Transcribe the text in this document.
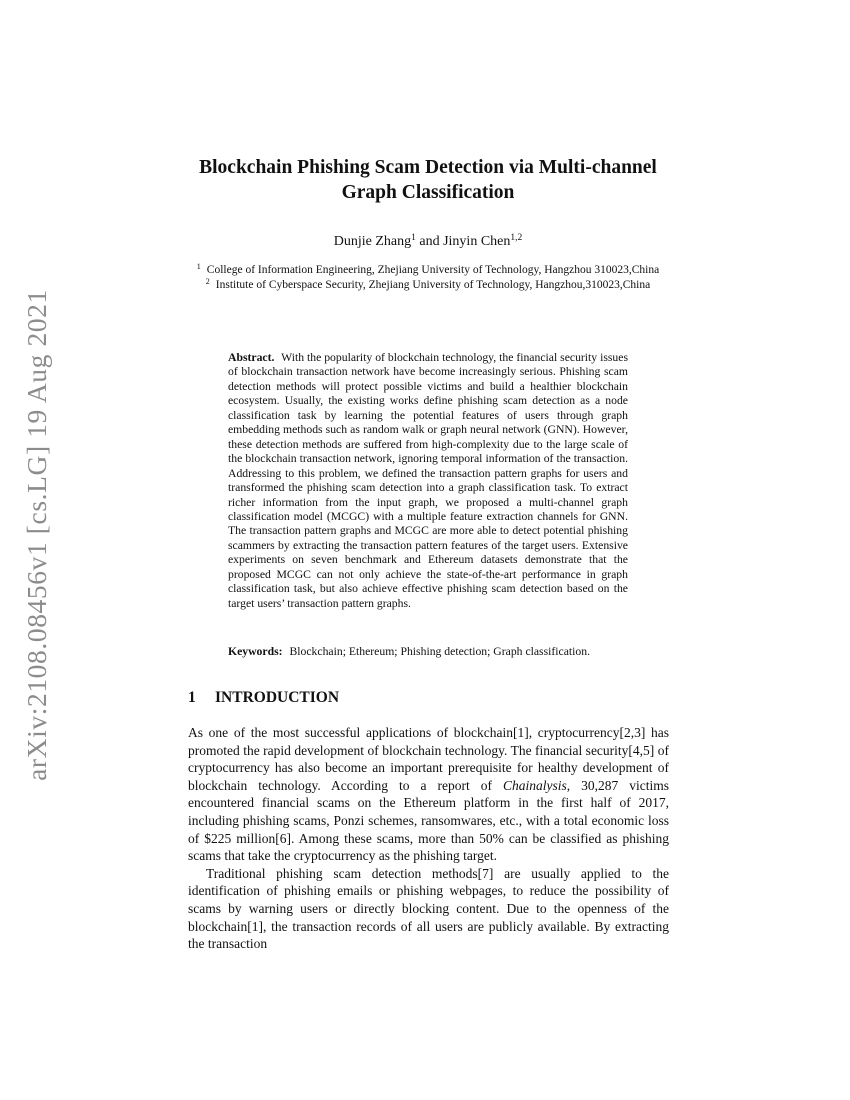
arXiv:2108.08456v1 [cs.LG] 19 Aug 2021
Blockchain Phishing Scam Detection via Multi-channel
Graph Classification
Dunjie Zhang$^1$ and Jinyin Chen$^{1,2}$
$^1$ College of Information Engineering, Zhejiang University of Technology, Hangzhou 310023,China
$^2$ Institute of Cyberspace Security, Zhejiang University of Technology, Hangzhou,310023,China

Abstract. With the popularity of blockchain technology, the financial security issues of blockchain transaction network have become increasingly serious. Phishing scam detection methods will protect possible victims and build a healthier blockchain ecosystem. Usually, the existing works define phishing scam detection as a node classification task by learning the potential features of users through graph embedding methods such as random walk or graph neural network (GNN). However, these detection methods are suffered from high-complexity due to the large scale of the blockchain transaction network, ignoring temporal information of the transaction. Addressing to this problem, we defined the transaction pattern graphs for users and transformed the phishing scam detection into a graph classification task. To extract richer information from the input graph, we proposed a multi-channel graph classification model (MCGC) with a multiple feature extraction channels for GNN. The transaction pattern graphs and MCGC are more able to detect potential phishing scammers by extracting the transaction pattern features of the target users. Extensive experiments on seven benchmark and Ethereum datasets demonstrate that the proposed MCGC can not only achieve the state-of-the-art performance in graph classification task, but also achieve effective phishing scam detection based on the target users’ transaction pattern graphs.

Keywords: Blockchain; Ethereum; Phishing detection; Graph classification.

1 INTRODUCTION

As one of the most successful applications of blockchain[1], cryptocurrency[2,3] has promoted the rapid development of blockchain technology. The financial security[4,5] of cryptocurrency has also become an important prerequisite for healthy development of blockchain technology. According to a report of Chainalysis, 30,287 victims encountered financial scams on the Ethereum platform in the first half of 2017, including phishing scams, Ponzi schemes, ransomwares, etc., with a total economic loss of $225 million[6]. Among these scams, more than 50% can be classified as phishing scams that take the cryptocurrency as the phishing target.

Traditional phishing scam detection methods[7] are usually applied to the identification of phishing emails or phishing webpages, to reduce the possibility of scams by warning users or directly blocking content. Due to the openness of the blockchain[1], the transaction records of all users are publicly available. By extracting the transaction
